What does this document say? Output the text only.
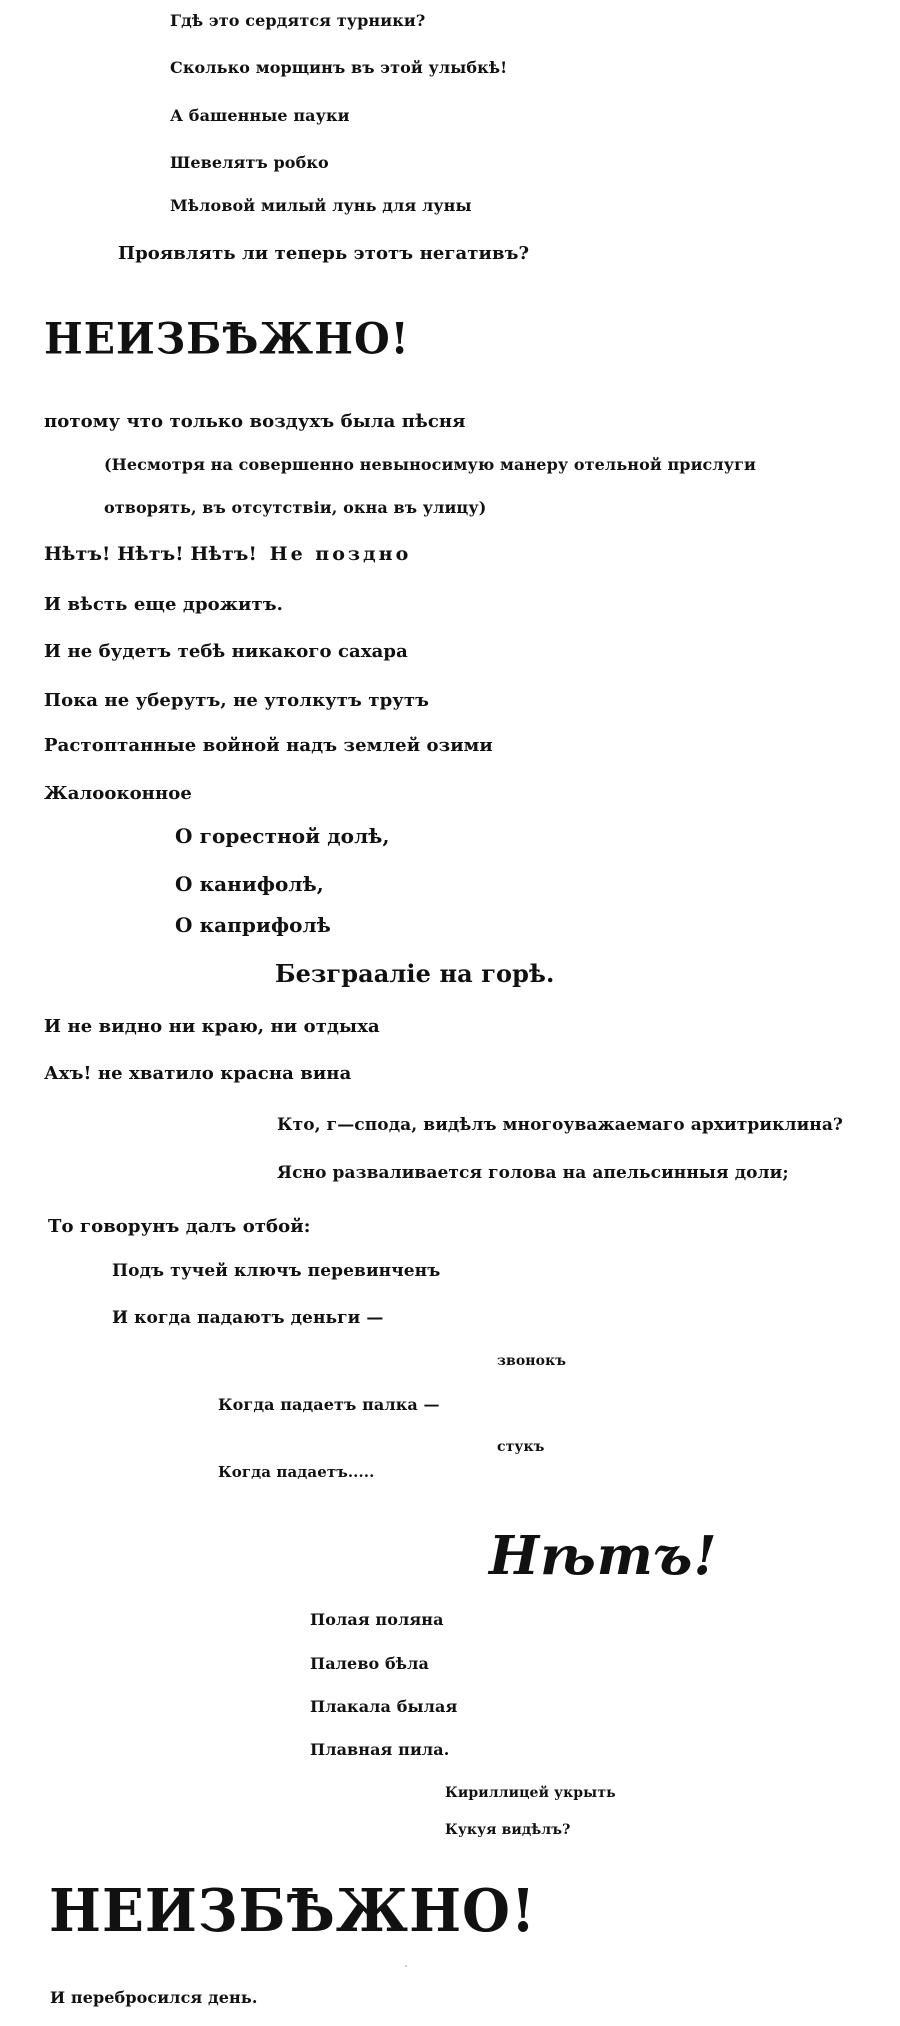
Гдѣ это сердятся турники?
Сколько морщинъ въ этой улыбкѣ!
А башенные пауки
Шевелятъ робко
Мѣловой милый лунь для луны
Проявлять ли теперь этотъ негативъ?
НЕИЗБѢЖНО!
потому что только воздухъ была пѣсня
(Несмотря на совершенно невыносимую манеру отельной прислуги
отворять, въ отсутствіи, окна въ улицу)
Нѣтъ! Нѣтъ! Нѣтъ! Не поздно
И вѣсть еще дрожитъ.
И не будетъ тебѣ никакого сахара
Пока не уберутъ, не утолкутъ трутъ
Растоптанные войной надъ землей озими
Жалооконное
О горестной долѣ,
О канифолѣ,
О каприфолѣ
Безграаліе на горѣ.
И не видно ни краю, ни отдыха
Ахъ! не хватило красна вина
Кто, г—спода, видѣлъ многоуважаемаго архитриклина?
Ясно разваливается голова на апельсинныя доли;
То говорунъ далъ отбой:
Подъ тучей ключъ перевинченъ
И когда падаютъ деньги —
звонокъ
Когда падаетъ палка —
стукъ
Когда падаетъ.....
Нѣтъ!
Полая поляна
Палево бѣла
Плакала былая
Плавная пила.
Кириллицей укрыть
Кукуя видѣлъ?
НЕИЗБѢЖНО!
И перебросился день.
